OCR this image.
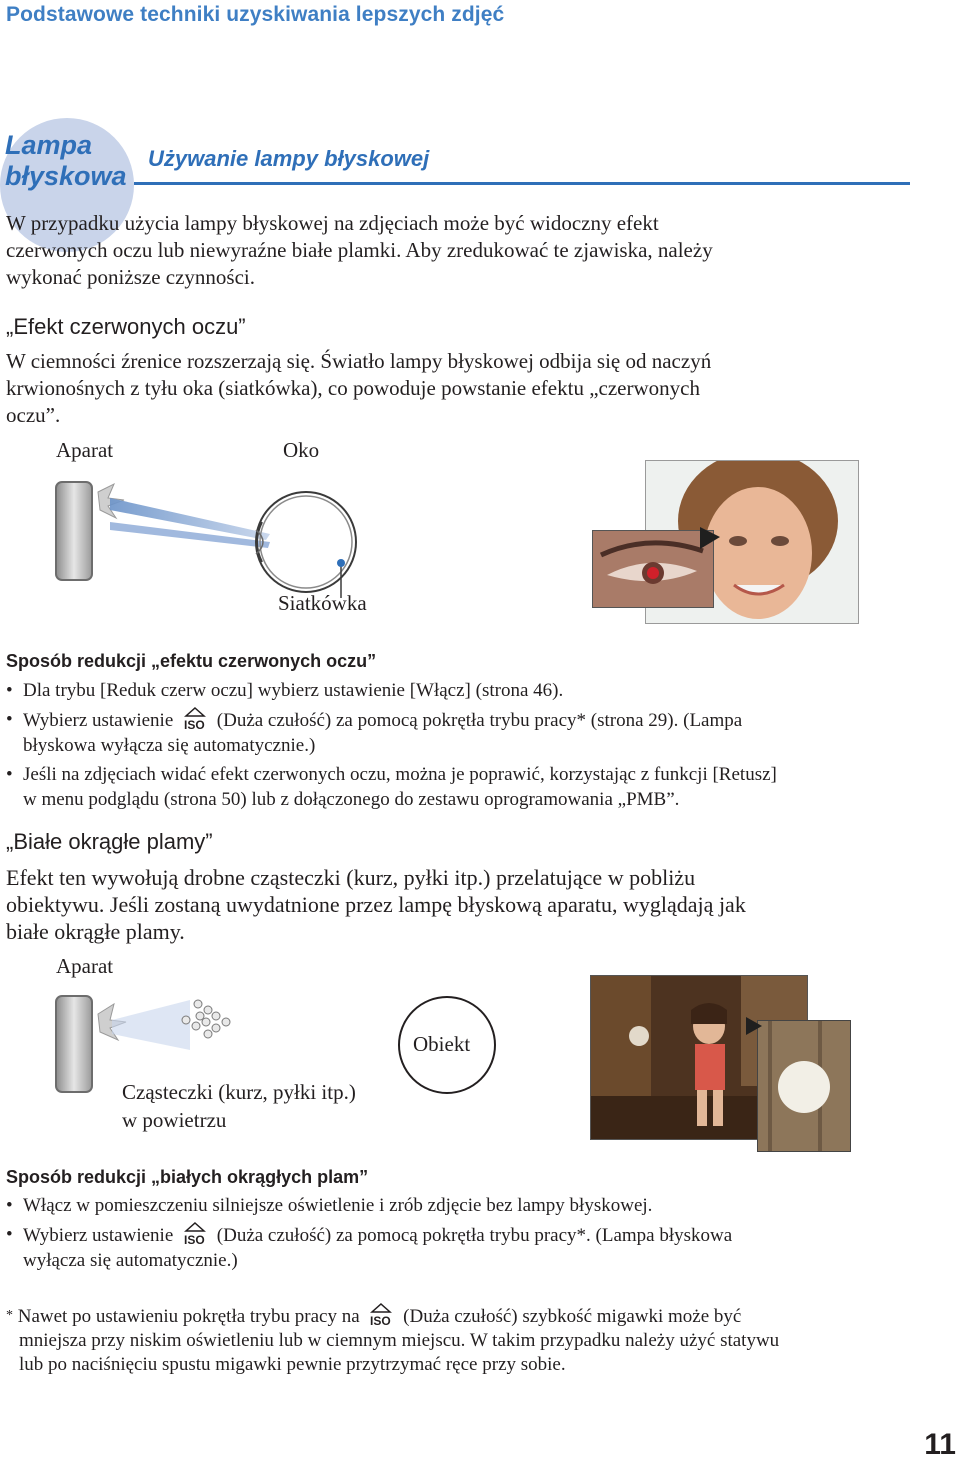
Podstawowe techniki uzyskiwania lepszych zdjęć
Lampa
błyskowa
Używanie lampy błyskowej
W przypadku użycia lampy błyskowej na zdjęciach może być widoczny efekt
czerwonych oczu lub niewyraźne białe plamki. Aby zredukować te zjawiska, należy
wykonać poniższe czynności.
„Efekt czerwonych oczu”
W ciemności źrenice rozszerzają się. Światło lampy błyskowej odbija się od naczyń
krwionośnych z tyłu oka (siatkówka), co powoduje powstanie efektu „czerwonych
oczu”.
Aparat	Oko
Siatkówka
Sposób redukcji „efektu czerwonych oczu”
• Dla trybu [Reduk czerw oczu] wybierz ustawienie [Włącz] (strona 46).
• Wybierz ustawienie ISO (Duża czułość) za pomocą pokrętła trybu pracy* (strona 29). (Lampa
błyskowa wyłącza się automatycznie.)
• Jeśli na zdjęciach widać efekt czerwonych oczu, można je poprawić, korzystając z funkcji [Retusz]
w menu podglądu (strona 50) lub z dołączonego do zestawu oprogramowania „PMB”.
„Białe okrągłe plamy”
Efekt ten wywołują drobne cząsteczki (kurz, pyłki itp.) przelatujące w pobliżu
obiektywu. Jeśli zostaną uwydatnione przez lampę błyskową aparatu, wyglądają jak
białe okrągłe plamy.
Aparat
Cząsteczki (kurz, pyłki itp.)
w powietrzu
Obiekt
Sposób redukcji „białych okrągłych plam”
• Włącz w pomieszczeniu silniejsze oświetlenie i zrób zdjęcie bez lampy błyskowej.
• Wybierz ustawienie ISO (Duża czułość) za pomocą pokrętła trybu pracy*. (Lampa błyskowa
wyłącza się automatycznie.)
* Nawet po ustawieniu pokrętła trybu pracy na ISO (Duża czułość) szybkość migawki może być
mniejsza przy niskim oświetleniu lub w ciemnym miejscu. W takim przypadku należy użyć statywu
lub po naciśnięciu spustu migawki pewnie przytrzymać ręce przy sobie.
11
